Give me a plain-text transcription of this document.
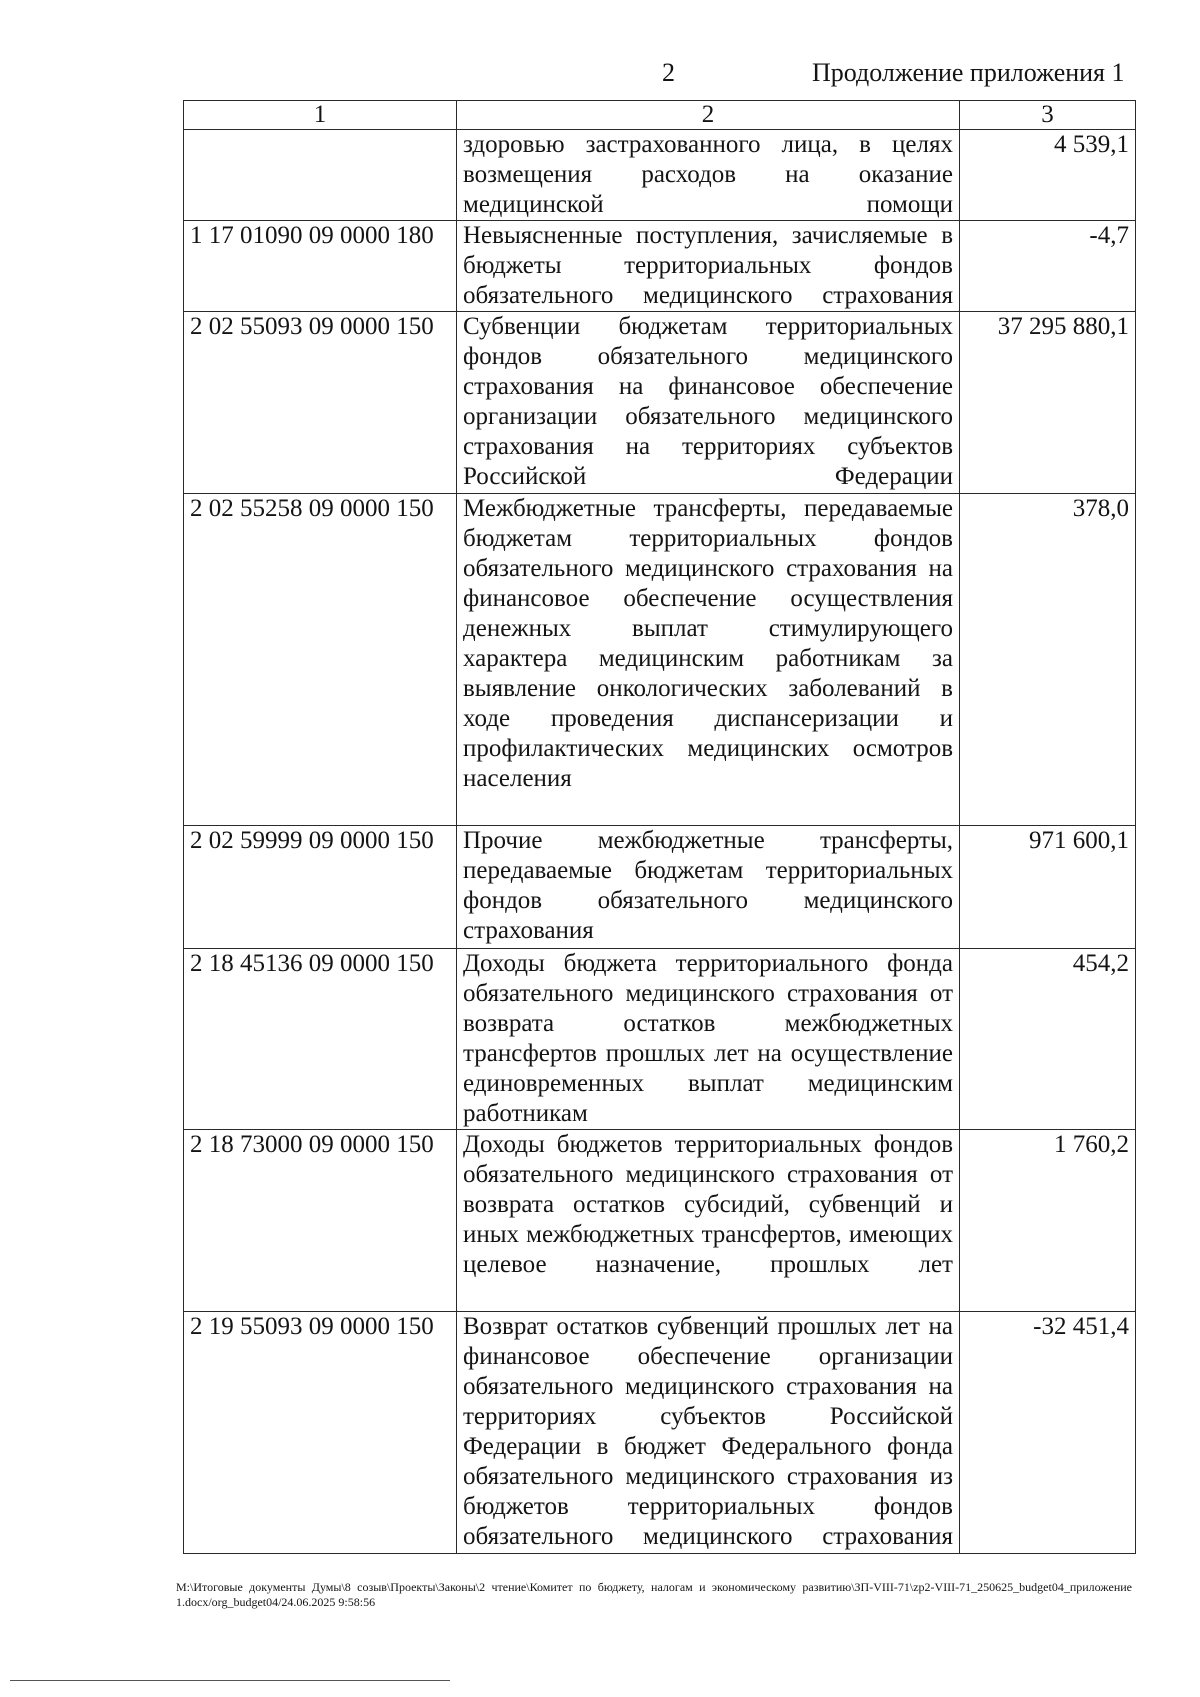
2	Продолжение приложения 1
1	2	3
	здоровью застрахованного лица, в целях возмещения расходов на оказание медицинской помощи	4 539,1
1 17 01090 09 0000 180	Невыясненные поступления, зачисляемые в бюджеты территориальных фондов обязательного медицинского страхования	-4,7
2 02 55093 09 0000 150	Субвенции бюджетам территориальных фондов обязательного медицинского страхования на финансовое обеспечение организации обязательного медицинского страхования на территориях субъектов Российской Федерации	37 295 880,1
2 02 55258 09 0000 150	Межбюджетные трансферты, передаваемые бюджетам территориальных фондов обязательного медицинского страхования на финансовое обеспечение осуществления денежных выплат стимулирующего характера медицинским работникам за выявление онкологических заболеваний в ходе проведения диспансеризации и профилактических медицинских осмотров населения	378,0
2 02 59999 09 0000 150	Прочие межбюджетные трансферты, передаваемые бюджетам территориальных фондов обязательного медицинского страхования	971 600,1
2 18 45136 09 0000 150	Доходы бюджета территориального фонда обязательного медицинского страхования от возврата остатков межбюджетных трансфертов прошлых лет на осуществление единовременных выплат медицинским работникам	454,2
2 18 73000 09 0000 150	Доходы бюджетов территориальных фондов обязательного медицинского страхования от возврата остатков субсидий, субвенций и иных межбюджетных трансфертов, имеющих целевое назначение, прошлых лет	1 760,2
2 19 55093 09 0000 150	Возврат остатков субвенций прошлых лет на финансовое обеспечение организации обязательного медицинского страхования на территориях субъектов Российской Федерации в бюджет Федерального фонда обязательного медицинского страхования из бюджетов территориальных фондов обязательного медицинского страхования	-32 451,4
M:\Итоговые документы Думы\8 созыв\Проекты\Законы\2 чтение\Комитет по бюджету, налогам и экономическому развитию\ЗП-VIII-71\zp2-VIII-71_250625_budget04_приложение 1.docx/org_budget04/24.06.2025 9:58:56
